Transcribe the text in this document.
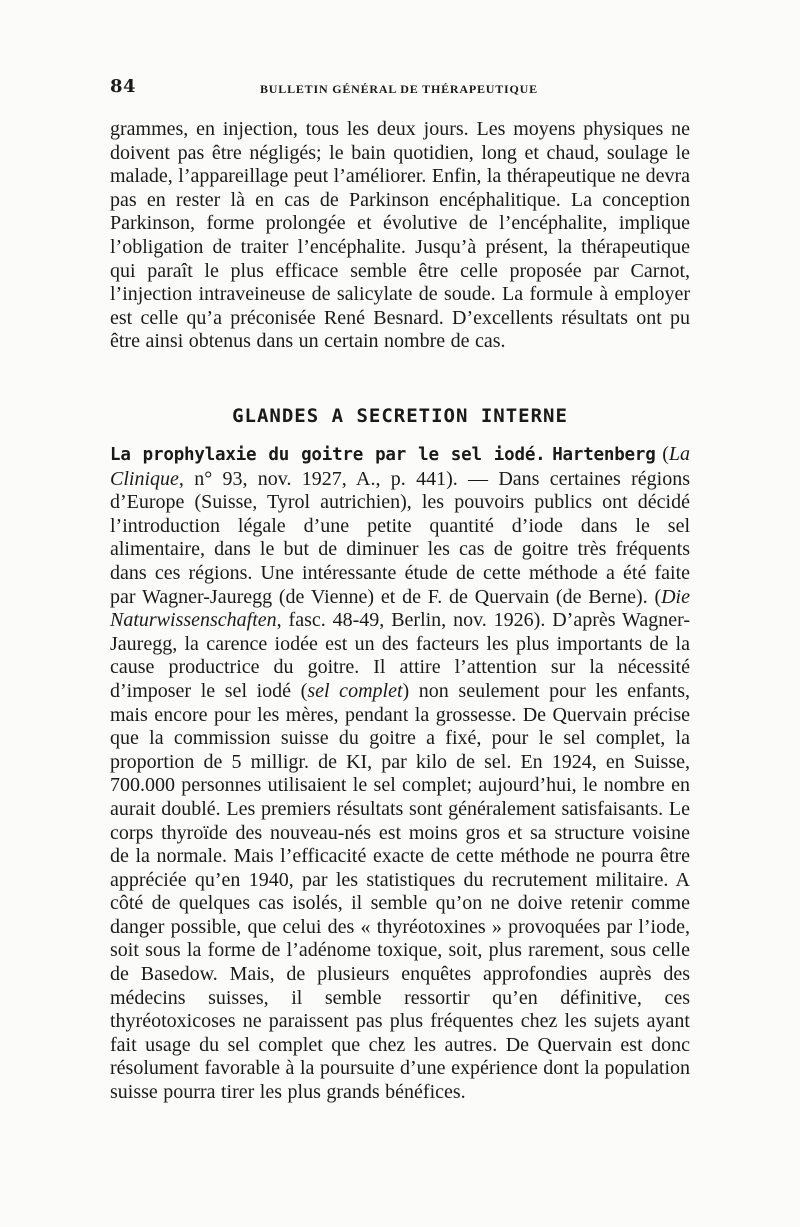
84	BULLETIN GÉNÉRAL DE THÉRAPEUTIQUE

grammes, en injection, tous les deux jours. Les moyens physiques ne doivent pas être négligés; le bain quotidien, long et chaud, soulage le malade, l’appareillage peut l’améliorer. Enfin, la thérapeutique ne devra pas en rester là en cas de Parkinson encéphalitique. La conception Parkinson, forme prolongée et évolutive de l’encéphalite, implique l’obligation de traiter l’encéphalite. Jusqu’à présent, la thérapeutique qui paraît le plus efficace semble être celle proposée par Carnot, l’injection intraveineuse de salicylate de soude. La formule à employer est celle qu’a préconisée René Besnard. D’excellents résultats ont pu être ainsi obtenus dans un certain nombre de cas.

GLANDES A SECRETION INTERNE

La prophylaxie du goitre par le sel iodé. Hartenberg (La Clinique, n° 93, nov. 1927, A., p. 441). — Dans certaines régions d’Europe (Suisse, Tyrol autrichien), les pouvoirs publics ont décidé l’introduction légale d’une petite quantité d’iode dans le sel alimentaire, dans le but de diminuer les cas de goitre très fréquents dans ces régions. Une intéressante étude de cette méthode a été faite par Wagner-Jauregg (de Vienne) et de F. de Quervain (de Berne). (Die Naturwissenschaften, fasc. 48-49, Berlin, nov. 1926). D’après Wagner-Jauregg, la carence iodée est un des facteurs les plus importants de la cause productrice du goitre. Il attire l’attention sur la nécessité d’imposer le sel iodé (sel complet) non seulement pour les enfants, mais encore pour les mères, pendant la grossesse. De Quervain précise que la commission suisse du goitre a fixé, pour le sel complet, la proportion de 5 milligr. de KI, par kilo de sel. En 1924, en Suisse, 700.000 personnes utilisaient le sel complet; aujourd’hui, le nombre en aurait doublé. Les premiers résultats sont généralement satisfaisants. Le corps thyroïde des nouveau-nés est moins gros et sa structure voisine de la normale. Mais l’efficacité exacte de cette méthode ne pourra être appréciée qu’en 1940, par les statistiques du recrutement militaire. A côté de quelques cas isolés, il semble qu’on ne doive retenir comme danger possible, que celui des « thyréotoxines » provoquées par l’iode, soit sous la forme de l’adénome toxique, soit, plus rarement, sous celle de Basedow. Mais, de plusieurs enquêtes approfondies auprès des médecins suisses, il semble ressortir qu’en définitive, ces thyréotoxicoses ne paraissent pas plus fréquentes chez les sujets ayant fait usage du sel complet que chez les autres. De Quervain est donc résolument favorable à la poursuite d’une expérience dont la population suisse pourra tirer les plus grands bénéfices.
